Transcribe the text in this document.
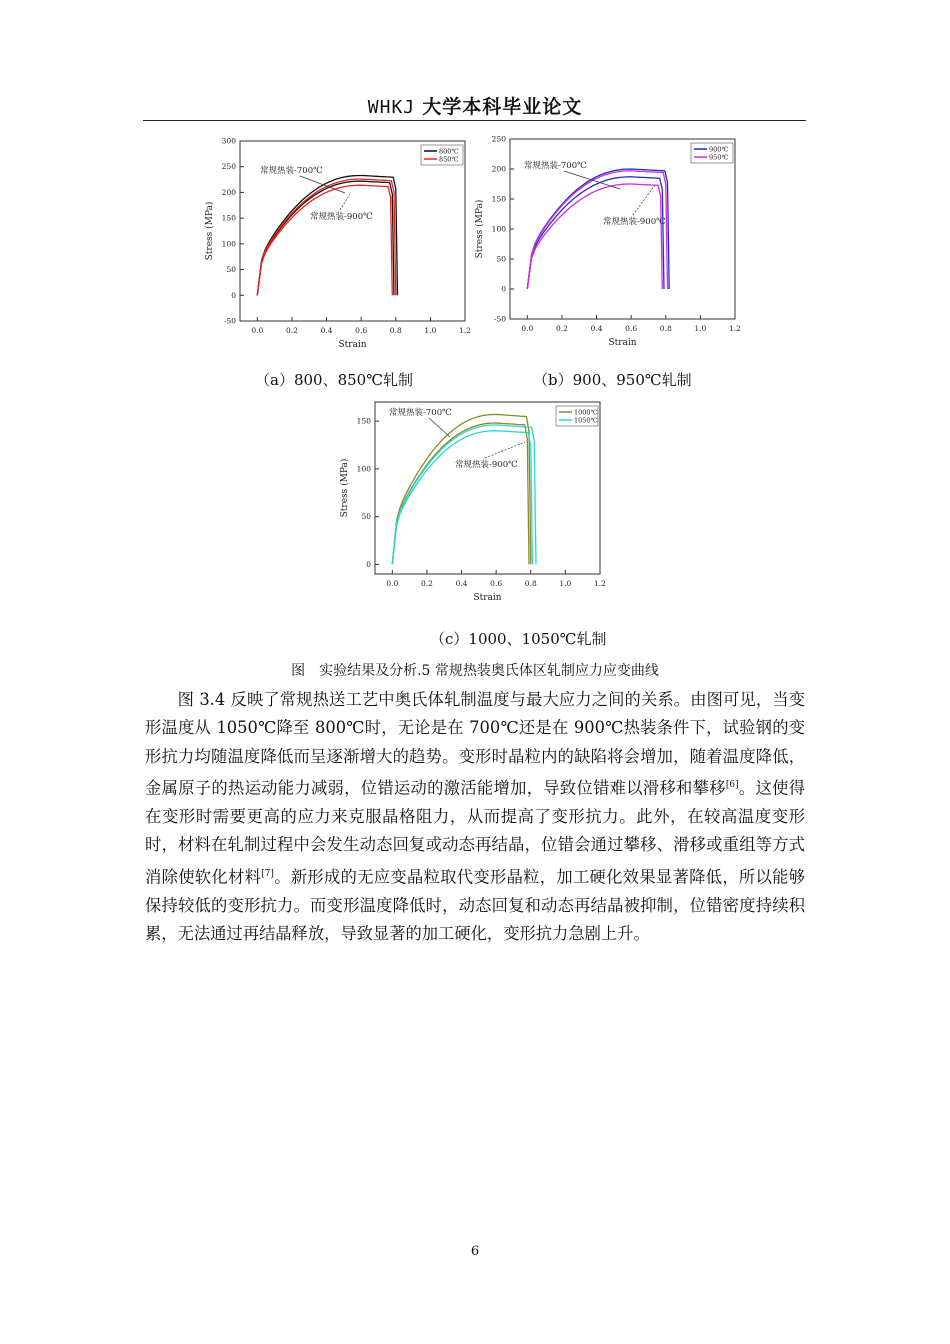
WHKJ 大学本科毕业论文
0.0	0.2	0.4	0.6	0.8	1.0	1.2
-50
0
50
100
150
200
250
300
Strain
Stress (MPa)
800℃
850℃
常规热装-700℃
常规热装-900℃
0.0	0.2	0.4	0.6	0.8	1.0	1.2
-50
0
50
100
150
200
250
Strain
Stress (MPa)
900℃
950℃
常规热装-700℃
常规热装-900℃
0.0	0.2	0.4	0.6	0.8	1.0	1.2
0
50
100
150
Strain
Stress (MPa)
1000℃
1050℃
常规热装-700℃
常规热装-900℃
（a）800、850℃轧制	（b）900、950℃轧制
（c）1000、1050℃轧制
图　实验结果及分析.5 常规热装奥氏体区轧制应力应变曲线

图 3.4 反映了常规热送工艺中奥氏体轧制温度与最大应力之间的关系。由图可见，当变形温度从 1050℃降至 800℃时，无论是在 700℃还是在 900℃热装条件下，试验钢的变形抗力均随温度降低而呈逐渐增大的趋势。变形时晶粒内的缺陷将会增加，随着温度降低，金属原子的热运动能力减弱，位错运动的激活能增加，导致位错难以滑移和攀移[6]。这使得在变形时需要更高的应力来克服晶格阻力，从而提高了变形抗力。此外，在较高温度变形时，材料在轧制过程中会发生动态回复或动态再结晶，位错会通过攀移、滑移或重组等方式消除使软化材料[7]。新形成的无应变晶粒取代变形晶粒，加工硬化效果显著降低，所以能够保持较低的变形抗力。而变形温度降低时，动态回复和动态再结晶被抑制，位错密度持续积累，无法通过再结晶释放，导致显著的加工硬化，变形抗力急剧上升。

6
